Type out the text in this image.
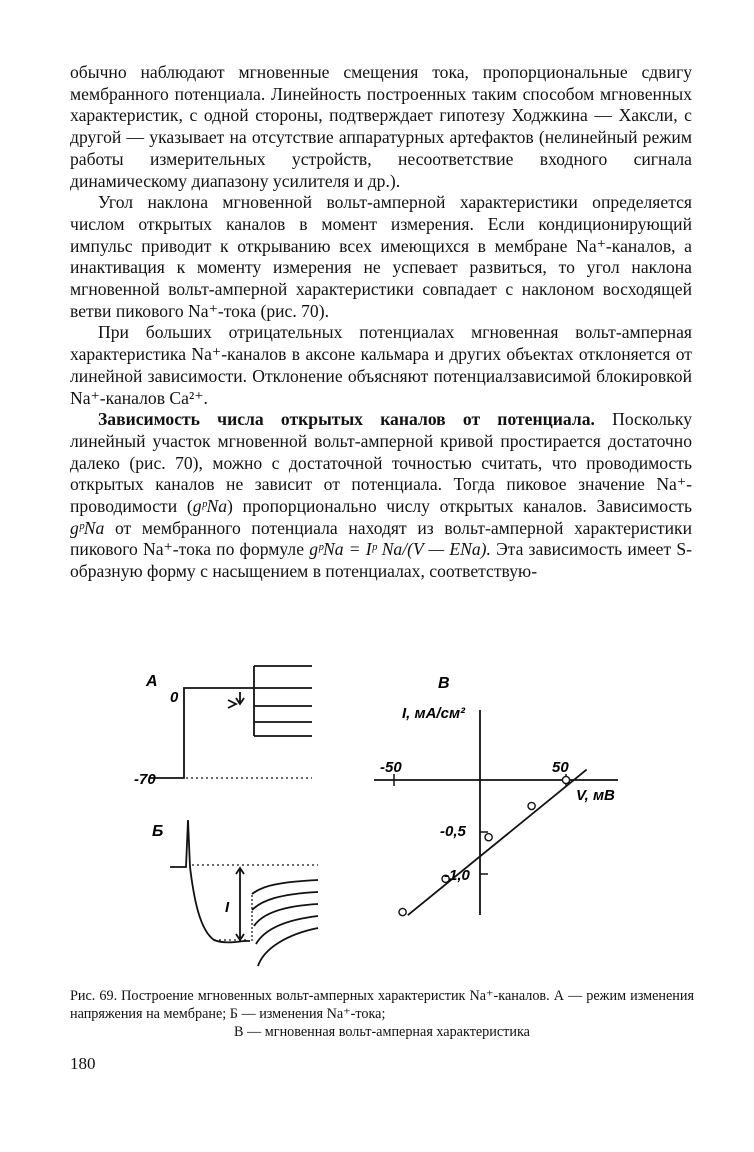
обычно наблюдают мгновенные смещения тока, пропорциональные сдвигу мембранного потенциала. Линейность построенных таким способом мгновенных характеристик, с одной стороны, подтверждает гипотезу Ходжкина — Хаксли, с другой — указывает на отсутствие аппаратурных артефактов (нелинейный режим работы измерительных устройств, несоответствие входного сигнала динамическому диапазону усилителя и др.).

Угол наклона мгновенной вольт-амперной характеристики определяется числом открытых каналов в момент измерения. Если кондиционирующий импульс приводит к открыванию всех имеющихся в мембране Na⁺-каналов, а инактивация к моменту измерения не успевает развиться, то угол наклона мгновенной вольт-амперной характеристики совпадает с наклоном восходящей ветви пикового Na⁺-тока (рис. 70).

При больших отрицательных потенциалах мгновенная вольт-амперная характеристика Na⁺-каналов в аксоне кальмара и других объектах отклоняется от линейной зависимости. Отклонение объясняют потенциалзависимой блокировкой Na⁺-каналов Ca²⁺.

Зависимость числа открытых каналов от потенциала. Поскольку линейный участок мгновенной вольт-амперной кривой простирается достаточно далеко (рис. 70), можно с достаточной точностью считать, что проводимость открытых каналов не зависит от потенциала. Тогда пиковое значение Na⁺-проводимости (gᵖNa) пропорционально числу открытых каналов. Зависимость gᵖNa от мембранного потенциала находят из вольт-амперной характеристики пикового Na⁺-тока по формуле gᵖNa = Iᵖ Na/(V — ENa). Эта зависимость имеет S-образную форму с насыщением в потенциалах, соответствую-

А
0
-70
Б
I
В
I, мА/см²
V, мВ
-50	50
-0,5
-1,0
Рис. 69. Построение мгновенных вольт-амперных характеристик Na⁺-каналов. А — режим изменения напряжения на мембране; Б — изменения Na⁺-тока;
В — мгновенная вольт-амперная характеристика
180
